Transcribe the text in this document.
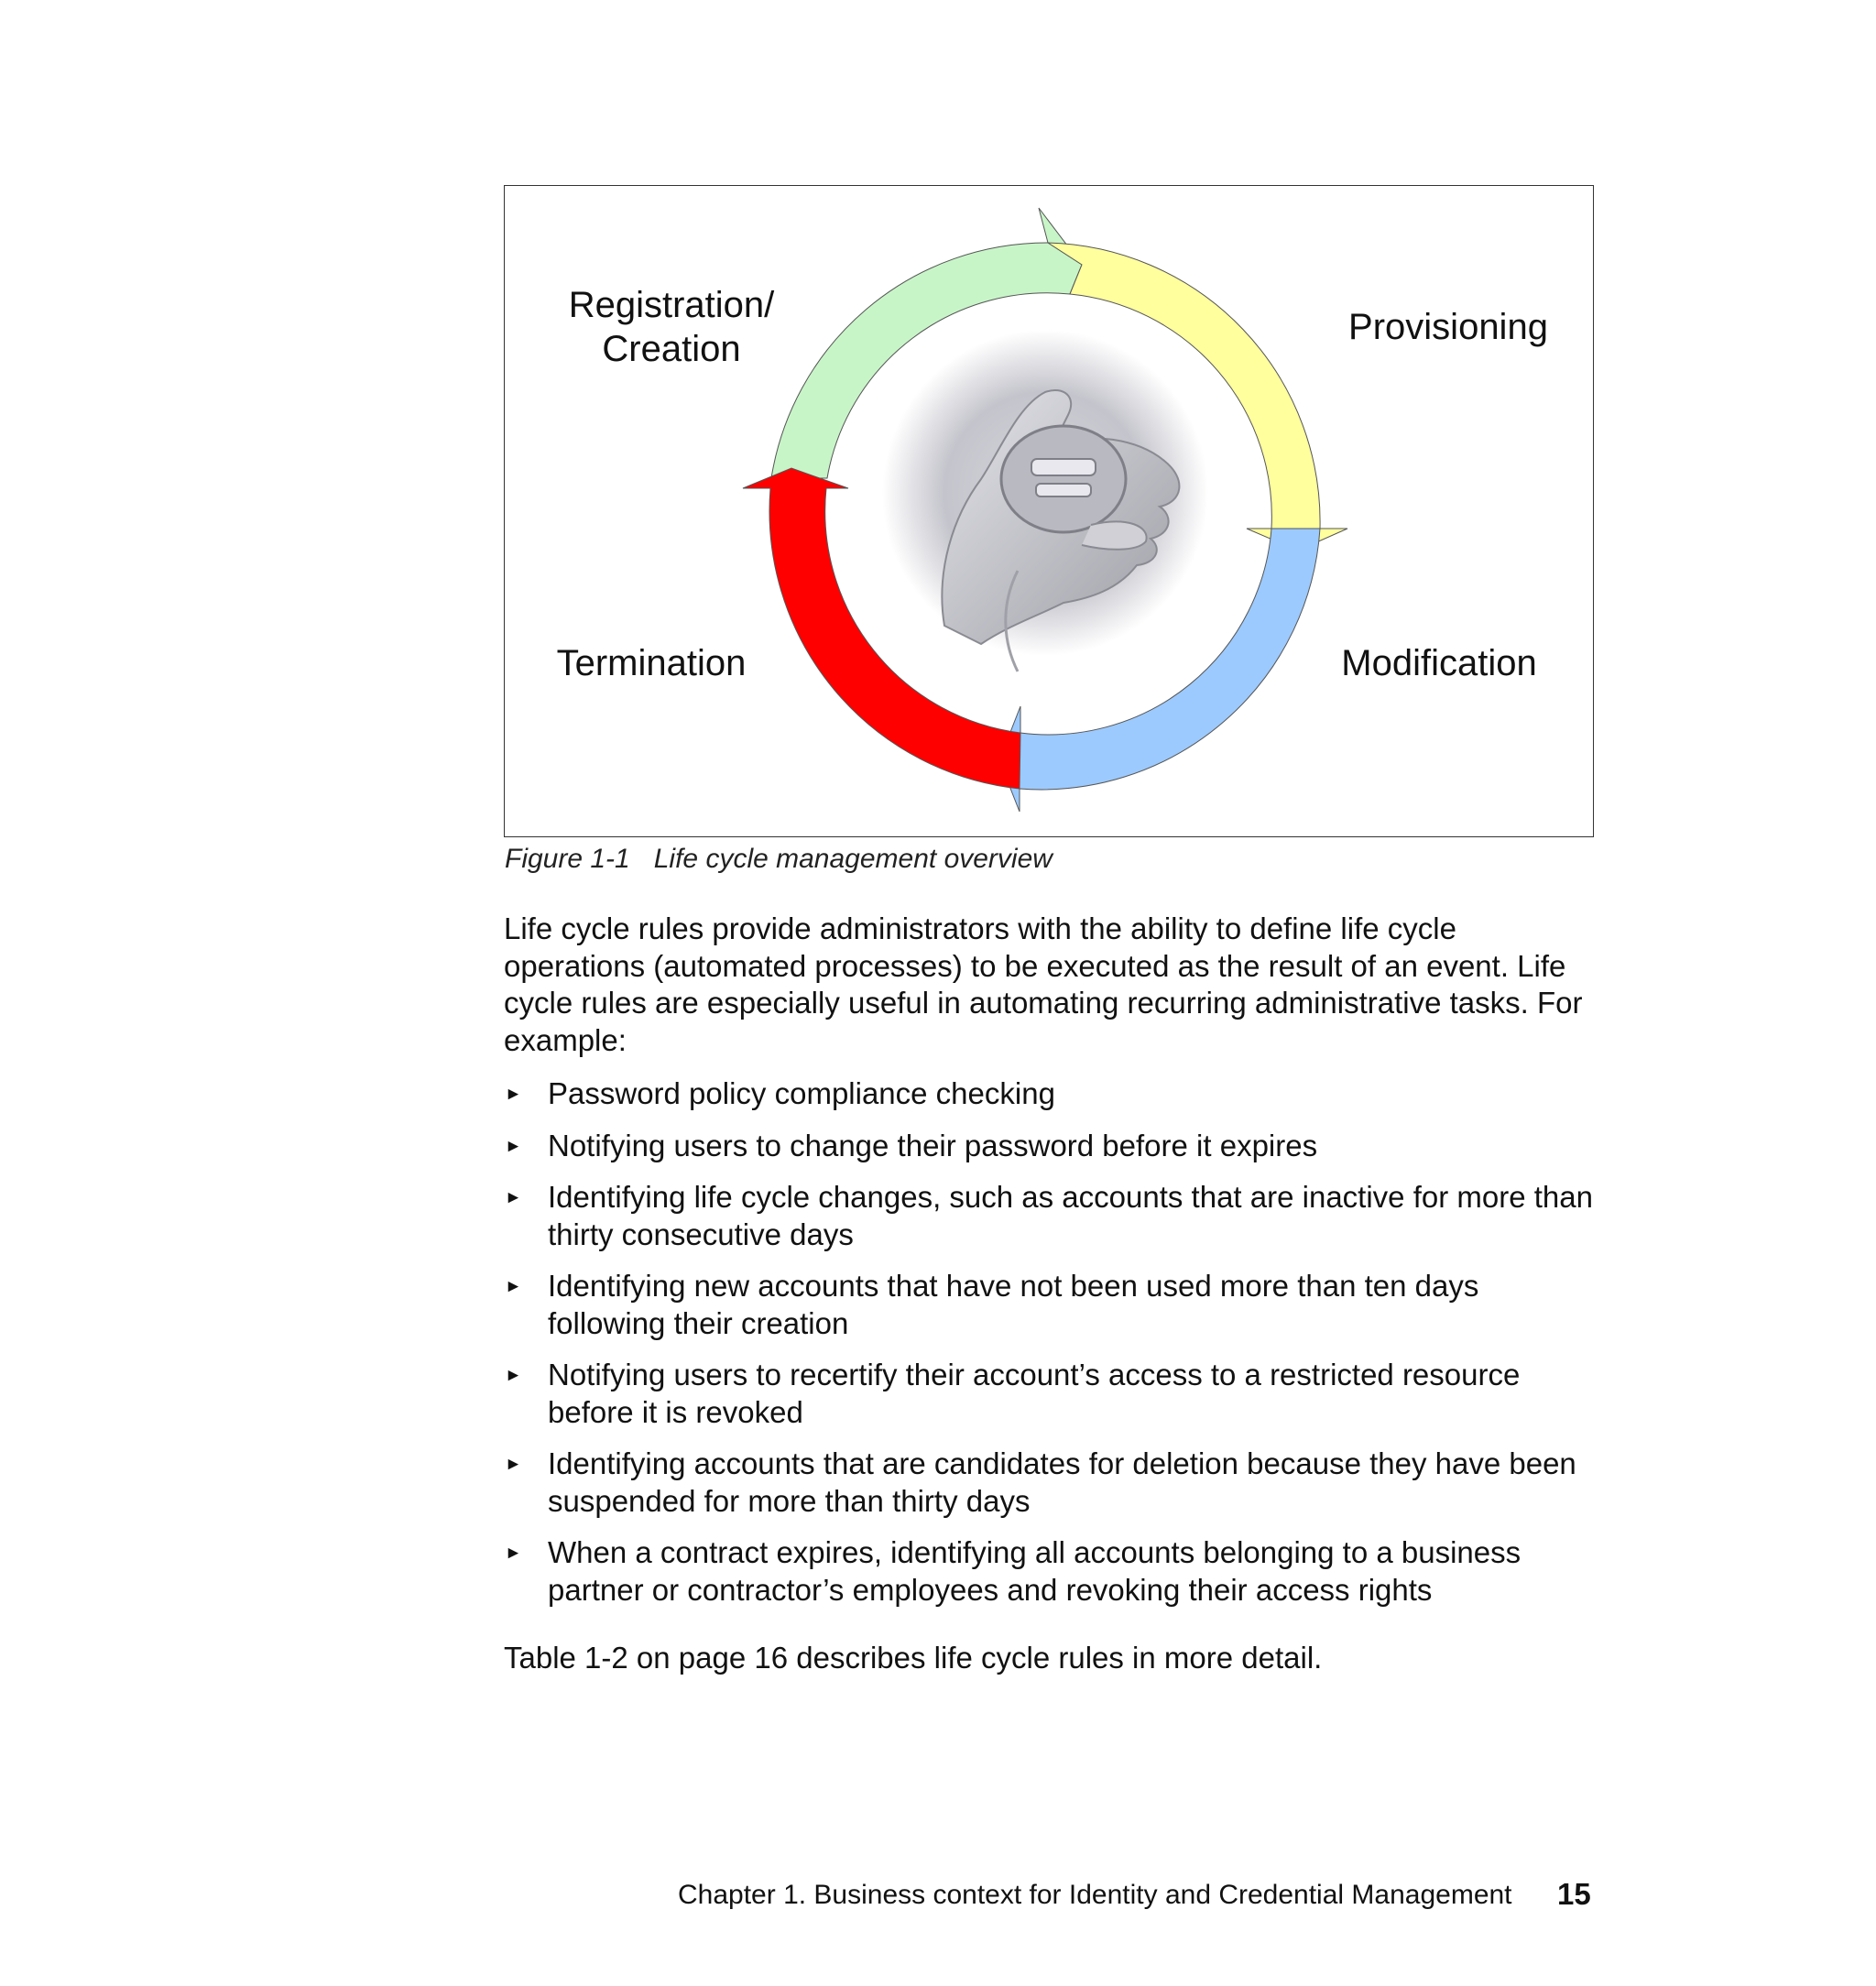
Registration/
Creation
Provisioning
Modification
Termination
Figure 1-1 Life cycle management overview

Life cycle rules provide administrators with the ability to define life cycle operations (automated processes) to be executed as the result of an event. Life cycle rules are especially useful in automating recurring administrative tasks. For example:

► Password policy compliance checking
► Notifying users to change their password before it expires
► Identifying life cycle changes, such as accounts that are inactive for more than thirty consecutive days
► Identifying new accounts that have not been used more than ten days following their creation
► Notifying users to recertify their account’s access to a restricted resource before it is revoked
► Identifying accounts that are candidates for deletion because they have been suspended for more than thirty days
► When a contract expires, identifying all accounts belonging to a business partner or contractor’s employees and revoking their access rights

Table 1-2 on page 16 describes life cycle rules in more detail.

Chapter 1. Business context for Identity and Credential Management 15
